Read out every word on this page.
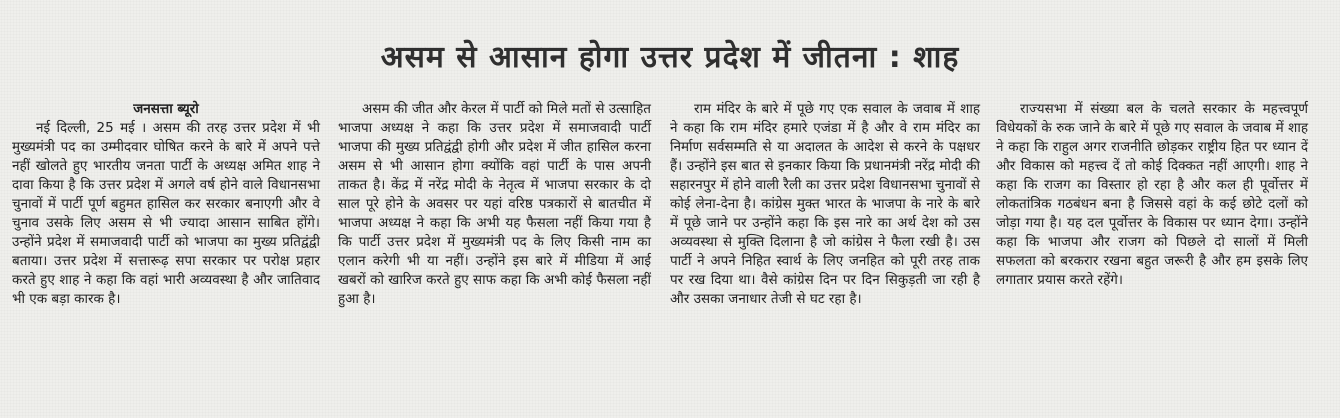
असम से आसान होगा उत्तर प्रदेश में जीतना : शाह

जनसत्ता ब्यूरो

नई दिल्ली, 25 मई । असम की तरह उत्तर प्रदेश में भी मुख्यमंत्री पद का उम्मीदवार घोषित करने के बारे में अपने पत्ते नहीं खोलते हुए भारतीय जनता पार्टी के अध्यक्ष अमित शाह ने दावा किया है कि उत्तर प्रदेश में अगले वर्ष होने वाले विधानसभा चुनावों में पार्टी पूर्ण बहुमत हासिल कर सरकार बनाएगी और वे चुनाव उसके लिए असम से भी ज्यादा आसान साबित होंगे। उन्होंने प्रदेश में समाजवादी पार्टी को भाजपा का मुख्य प्रतिद्वंद्वी बताया। उत्तर प्रदेश में सत्तारूढ़ सपा सरकार पर परोक्ष प्रहार करते हुए शाह ने कहा कि वहां भारी अव्यवस्था है और जातिवाद भी एक बड़ा कारक है।

असम की जीत और केरल में पार्टी को मिले मतों से उत्साहित भाजपा अध्यक्ष ने कहा कि उत्तर प्रदेश में समाजवादी पार्टी भाजपा की मुख्य प्रतिद्वंद्वी होगी और प्रदेश में जीत हासिल करना असम से भी आसान होगा क्योंकि वहां पार्टी के पास अपनी ताकत है। केंद्र में नरेंद्र मोदी के नेतृत्व में भाजपा सरकार के दो साल पूरे होने के अवसर पर यहां वरिष्ठ पत्रकारों से बातचीत में भाजपा अध्यक्ष ने कहा कि अभी यह फैसला नहीं किया गया है कि पार्टी उत्तर प्रदेश में मुख्यमंत्री पद के लिए किसी नाम का एलान करेगी भी या नहीं। उन्होंने इस बारे में मीडिया में आई खबरों को खारिज करते हुए साफ कहा कि अभी कोई फैसला नहीं हुआ है।

राम मंदिर के बारे में पूछे गए एक सवाल के जवाब में शाह ने कहा कि राम मंदिर हमारे एजंडा में है और वे राम मंदिर का निर्माण सर्वसम्मति से या अदालत के आदेश से करने के पक्षधर हैं। उन्होंने इस बात से इनकार किया कि प्रधानमंत्री नरेंद्र मोदी की सहारनपुर में होने वाली रैली का उत्तर प्रदेश विधानसभा चुनावों से कोई लेना-देना है। कांग्रेस मुक्त भारत के भाजपा के नारे के बारे में पूछे जाने पर उन्होंने कहा कि इस नारे का अर्थ देश को उस अव्यवस्था से मुक्ति दिलाना है जो कांग्रेस ने फैला रखी है। उस पार्टी ने अपने निहित स्वार्थ के लिए जनहित को पूरी तरह ताक पर रख दिया था। वैसे कांग्रेस दिन पर दिन सिकुड़ती जा रही है और उसका जनाधार तेजी से घट रहा है।

राज्यसभा में संख्या बल के चलते सरकार के महत्त्वपूर्ण विधेयकों के रुक जाने के बारे में पूछे गए सवाल के जवाब में शाह ने कहा कि राहुल अगर राजनीति छोड़कर राष्ट्रीय हित पर ध्यान दें और विकास को महत्त्व दें तो कोई दिक्कत नहीं आएगी। शाह ने कहा कि राजग का विस्तार हो रहा है और कल ही पूर्वोत्तर में लोकतांत्रिक गठबंधन बना है जिससे वहां के कई छोटे दलों को जोड़ा गया है। यह दल पूर्वोत्तर के विकास पर ध्यान देगा। उन्होंने कहा कि भाजपा और राजग को पिछले दो सालों में मिली सफलता को बरकरार रखना बहुत जरूरी है और हम इसके लिए लगातार प्रयास करते रहेंगे।
